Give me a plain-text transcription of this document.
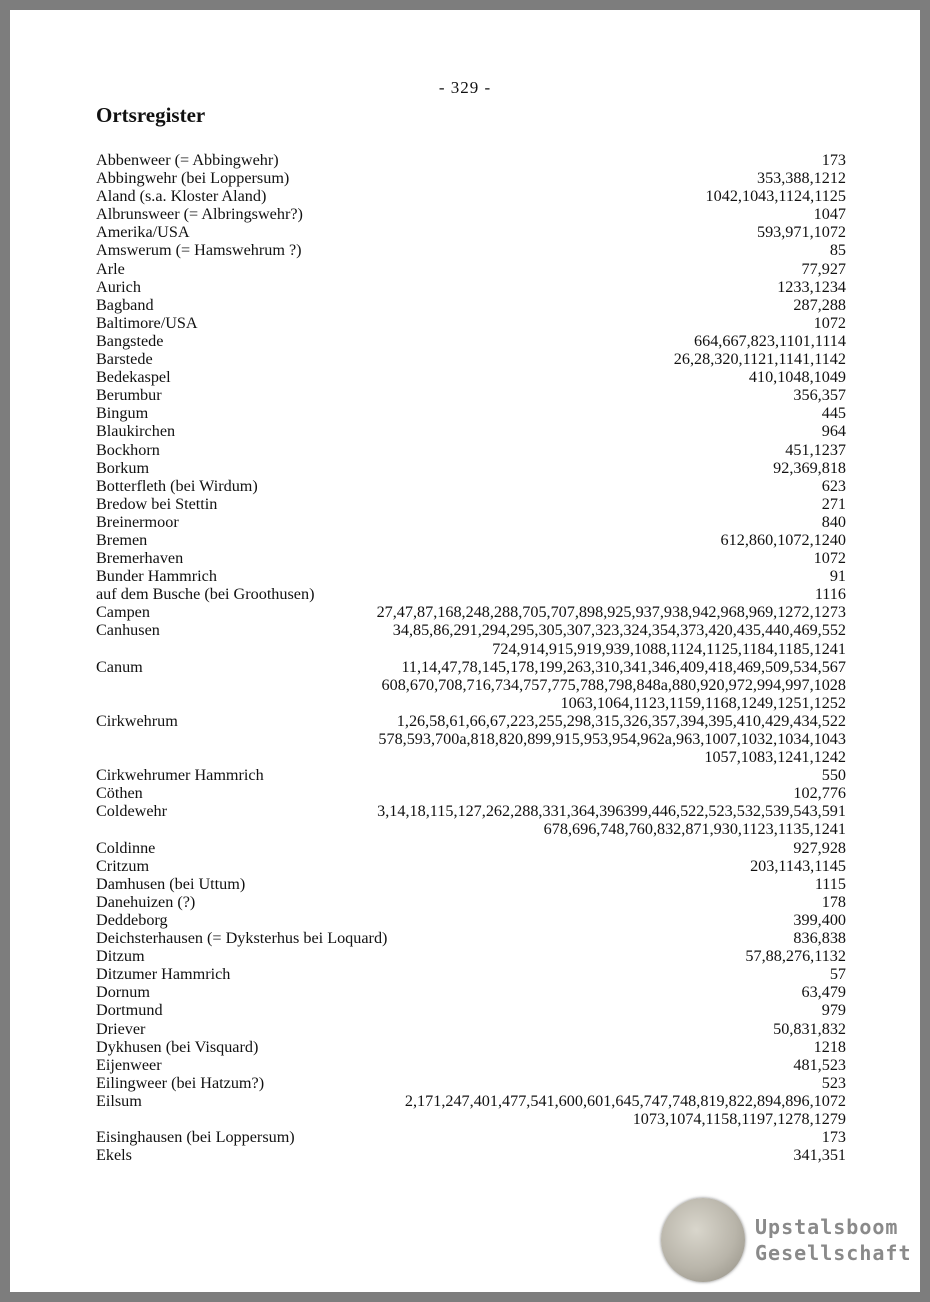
- 329 -
Ortsregister
Abbenweer (= Abbingwehr)	173
Abbingwehr (bei Loppersum)	353,388,1212
Aland (s.a. Kloster Aland)	1042,1043,1124,1125
Albrunsweer (= Albringswehr?)	1047
Amerika/USA	593,971,1072
Amswerum (= Hamswehrum ?)	85
Arle	77,927
Aurich	1233,1234
Bagband	287,288
Baltimore/USA	1072
Bangstede	664,667,823,1101,1114
Barstede	26,28,320,1121,1141,1142
Bedekaspel	410,1048,1049
Berumbur	356,357
Bingum	445
Blaukirchen	964
Bockhorn	451,1237
Borkum	92,369,818
Botterfleth (bei Wirdum)	623
Bredow bei Stettin	271
Breinermoor	840
Bremen	612,860,1072,1240
Bremerhaven	1072
Bunder Hammrich	91
auf dem Busche (bei Groothusen)	1116
Campen	27,47,87,168,248,288,705,707,898,925,937,938,942,968,969,1272,1273
Canhusen	34,85,86,291,294,295,305,307,323,324,354,373,420,435,440,469,552
724,914,915,919,939,1088,1124,1125,1184,1185,1241
Canum	11,14,47,78,145,178,199,263,310,341,346,409,418,469,509,534,567
608,670,708,716,734,757,775,788,798,848a,880,920,972,994,997,1028
1063,1064,1123,1159,1168,1249,1251,1252
Cirkwehrum	1,26,58,61,66,67,223,255,298,315,326,357,394,395,410,429,434,522
578,593,700a,818,820,899,915,953,954,962a,963,1007,1032,1034,1043
1057,1083,1241,1242
Cirkwehrumer Hammrich	550
Cöthen	102,776
Coldewehr	3,14,18,115,127,262,288,331,364,396399,446,522,523,532,539,543,591
678,696,748,760,832,871,930,1123,1135,1241
Coldinne	927,928
Critzum	203,1143,1145
Damhusen (bei Uttum)	1115
Danehuizen (?)	178
Deddeborg	399,400
Deichsterhausen (= Dyksterhus bei Loquard)	836,838
Ditzum	57,88,276,1132
Ditzumer Hammrich	57
Dornum	63,479
Dortmund	979
Driever	50,831,832
Dykhusen (bei Visquard)	1218
Eijenweer	481,523
Eilingweer (bei Hatzum?)	523
Eilsum	2,171,247,401,477,541,600,601,645,747,748,819,822,894,896,1072
1073,1074,1158,1197,1278,1279
Eisinghausen (bei Loppersum)	173
Ekels	341,351
Upstalsboom
Gesellschaft
